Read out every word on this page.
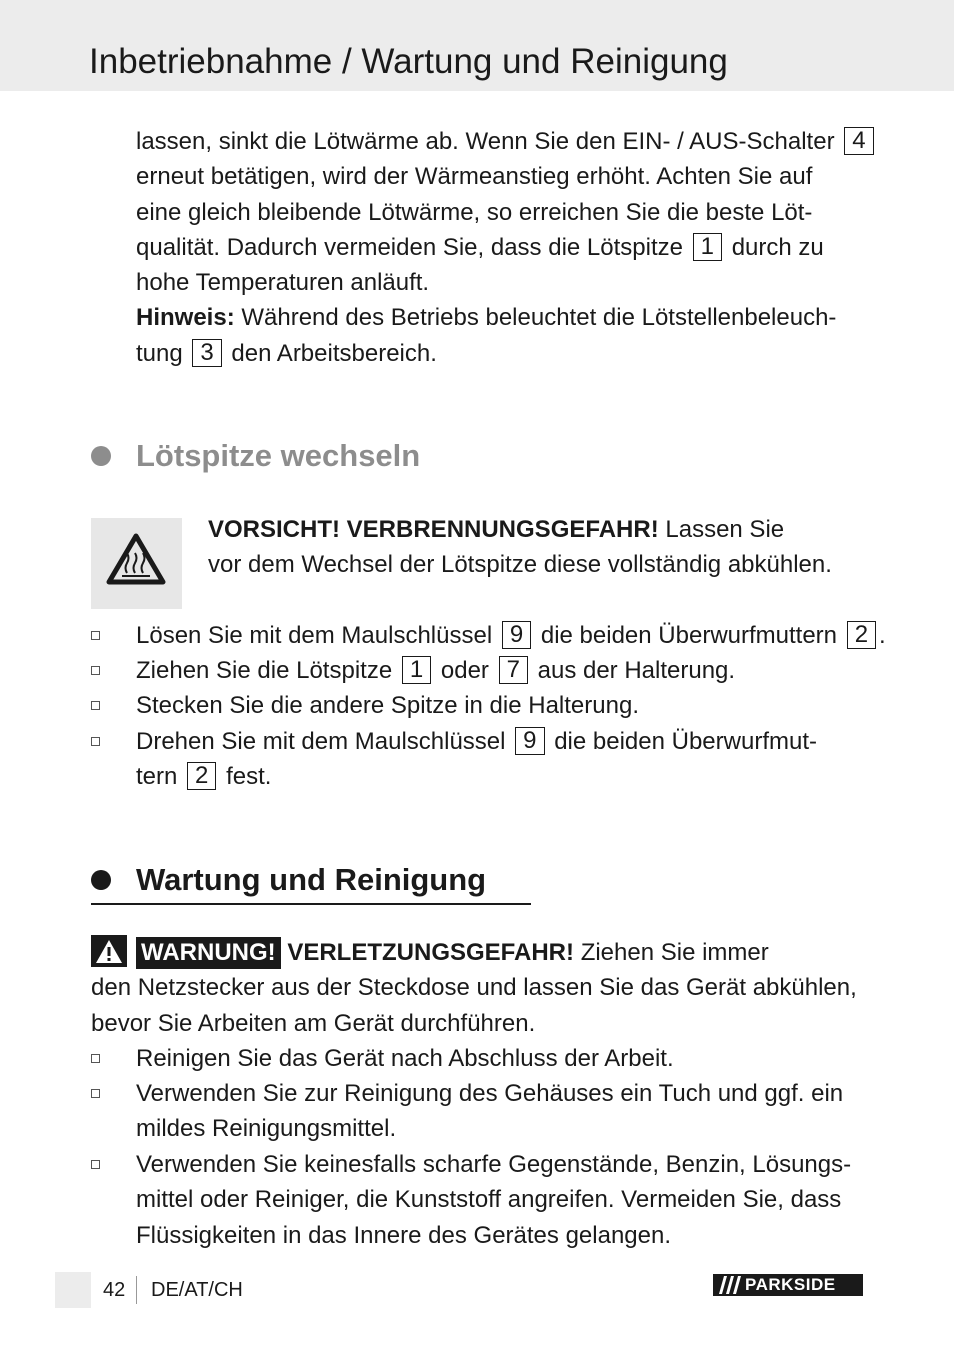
Inbetriebnahme / Wartung und Reinigung
lassen, sinkt die Lötwärme ab. Wenn Sie den EIN- / AUS-Schalter 4
erneut betätigen, wird der Wärmeanstieg erhöht. Achten Sie auf
eine gleich bleibende Lötwärme, so erreichen Sie die beste Löt-
qualität. Dadurch vermeiden Sie, dass die Lötspitze 1 durch zu
hohe Temperaturen anläuft.
Hinweis: Während des Betriebs beleuchtet die Lötstellenbeleuch-
tung 3 den Arbeitsbereich.
Lötspitze wechseln
VORSICHT! VERBRENNUNGSGEFAHR! Lassen Sie
vor dem Wechsel der Lötspitze diese vollständig abkühlen.
Lösen Sie mit dem Maulschlüssel 9 die beiden Überwurfmuttern 2 .
Ziehen Sie die Lötspitze 1 oder 7 aus der Halterung.
Stecken Sie die andere Spitze in die Halterung.
Drehen Sie mit dem Maulschlüssel 9 die beiden Überwurfmut-
tern 2 fest.
Wartung und Reinigung
WARNUNG! VERLETZUNGSGEFAHR! Ziehen Sie immer
den Netzstecker aus der Steckdose und lassen Sie das Gerät abkühlen,
bevor Sie Arbeiten am Gerät durchführen.
Reinigen Sie das Gerät nach Abschluss der Arbeit.
Verwenden Sie zur Reinigung des Gehäuses ein Tuch und ggf. ein
mildes Reinigungsmittel.
Verwenden Sie keinesfalls scharfe Gegenstände, Benzin, Lösungs-
mittel oder Reiniger, die Kunststoff angreifen. Vermeiden Sie, dass
Flüssigkeiten in das Innere des Gerätes gelangen.
42 DE/AT/CH	PARKSIDE
